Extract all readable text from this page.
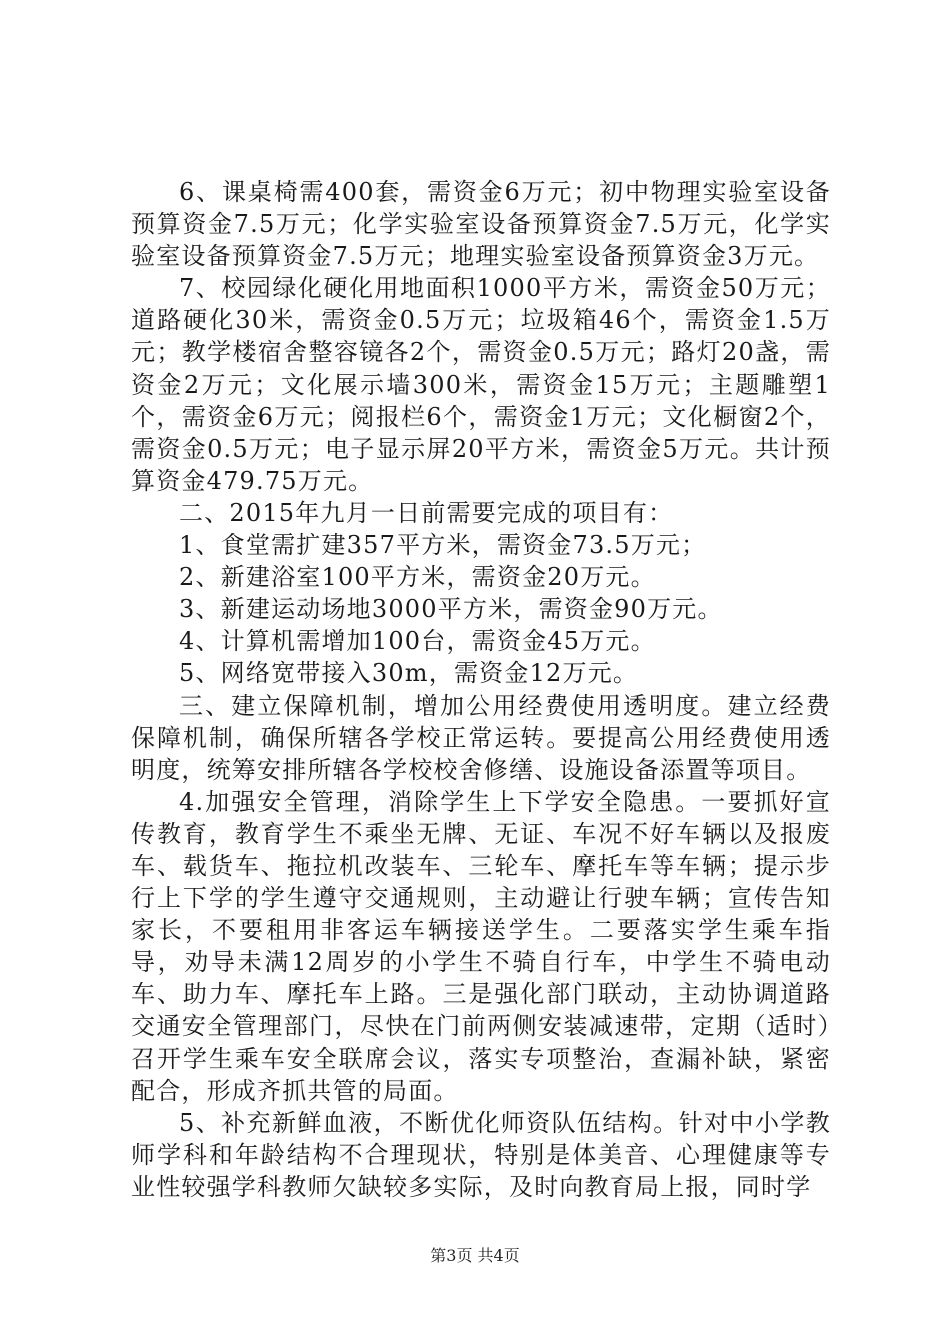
6、课桌椅需400套，需资金6万元；初中物理实验室设备预算资金7.5万元；化学实验室设备预算资金7.5万元，化学实验室设备预算资金7.5万元；地理实验室设备预算资金3万元。

7、校园绿化硬化用地面积1000平方米，需资金50万元；道路硬化30米，需资金0.5万元；垃圾箱46个，需资金1.5万元；教学楼宿舍整容镜各2个，需资金0.5万元；路灯20盏，需资金2万元；文化展示墙300米，需资金15万元；主题雕塑1个，需资金6万元；阅报栏6个，需资金1万元；文化橱窗2个，需资金0.5万元；电子显示屏20平方米，需资金5万元。共计预算资金479.75万元。

二、2015年九月一日前需要完成的项目有：

1、食堂需扩建357平方米，需资金73.5万元；

2、新建浴室100平方米，需资金20万元。

3、新建运动场地3000平方米，需资金90万元。

4、计算机需增加100台，需资金45万元。

5、网络宽带接入30m，需资金12万元。

三、建立保障机制，增加公用经费使用透明度。建立经费保障机制，确保所辖各学校正常运转。要提高公用经费使用透明度，统筹安排所辖各学校校舍修缮、设施设备添置等项目。

4.加强安全管理，消除学生上下学安全隐患。一要抓好宣传教育，教育学生不乘坐无牌、无证、车况不好车辆以及报废车、载货车、拖拉机改装车、三轮车、摩托车等车辆；提示步行上下学的学生遵守交通规则，主动避让行驶车辆；宣传告知家长，不要租用非客运车辆接送学生。二要落实学生乘车指导，劝导未满12周岁的小学生不骑自行车，中学生不骑电动车、助力车、摩托车上路。三是强化部门联动，主动协调道路交通安全管理部门，尽快在门前两侧安装减速带，定期（适时）召开学生乘车安全联席会议，落实专项整治，查漏补缺，紧密配合，形成齐抓共管的局面。

5、补充新鲜血液，不断优化师资队伍结构。针对中小学教师学科和年龄结构不合理现状，特别是体美音、心理健康等专业性较强学科教师欠缺较多实际，及时向教育局上报，同时学

第3页 共4页
